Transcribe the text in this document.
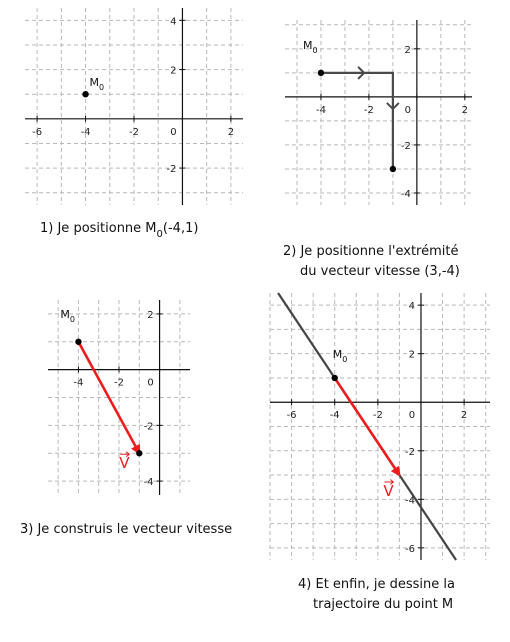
-6	-4	-2	0	2
4
2
-2
$M_0$
1) Je positionne $M_0(-4,1)$
-4	-2	0	2
2
-2
-4
$M_0$
2) Je positionne l'extrémité
du vecteur vitesse (3,-4)
-4	-2 0
2
-2
-4
V
$M_0$
3) Je construis le vecteur vitesse
-6	-4	-2	0	2
4
2
-2
-4
-6
V
$M_0$
4) Et enfin, je dessine la
trajectoire du point M
